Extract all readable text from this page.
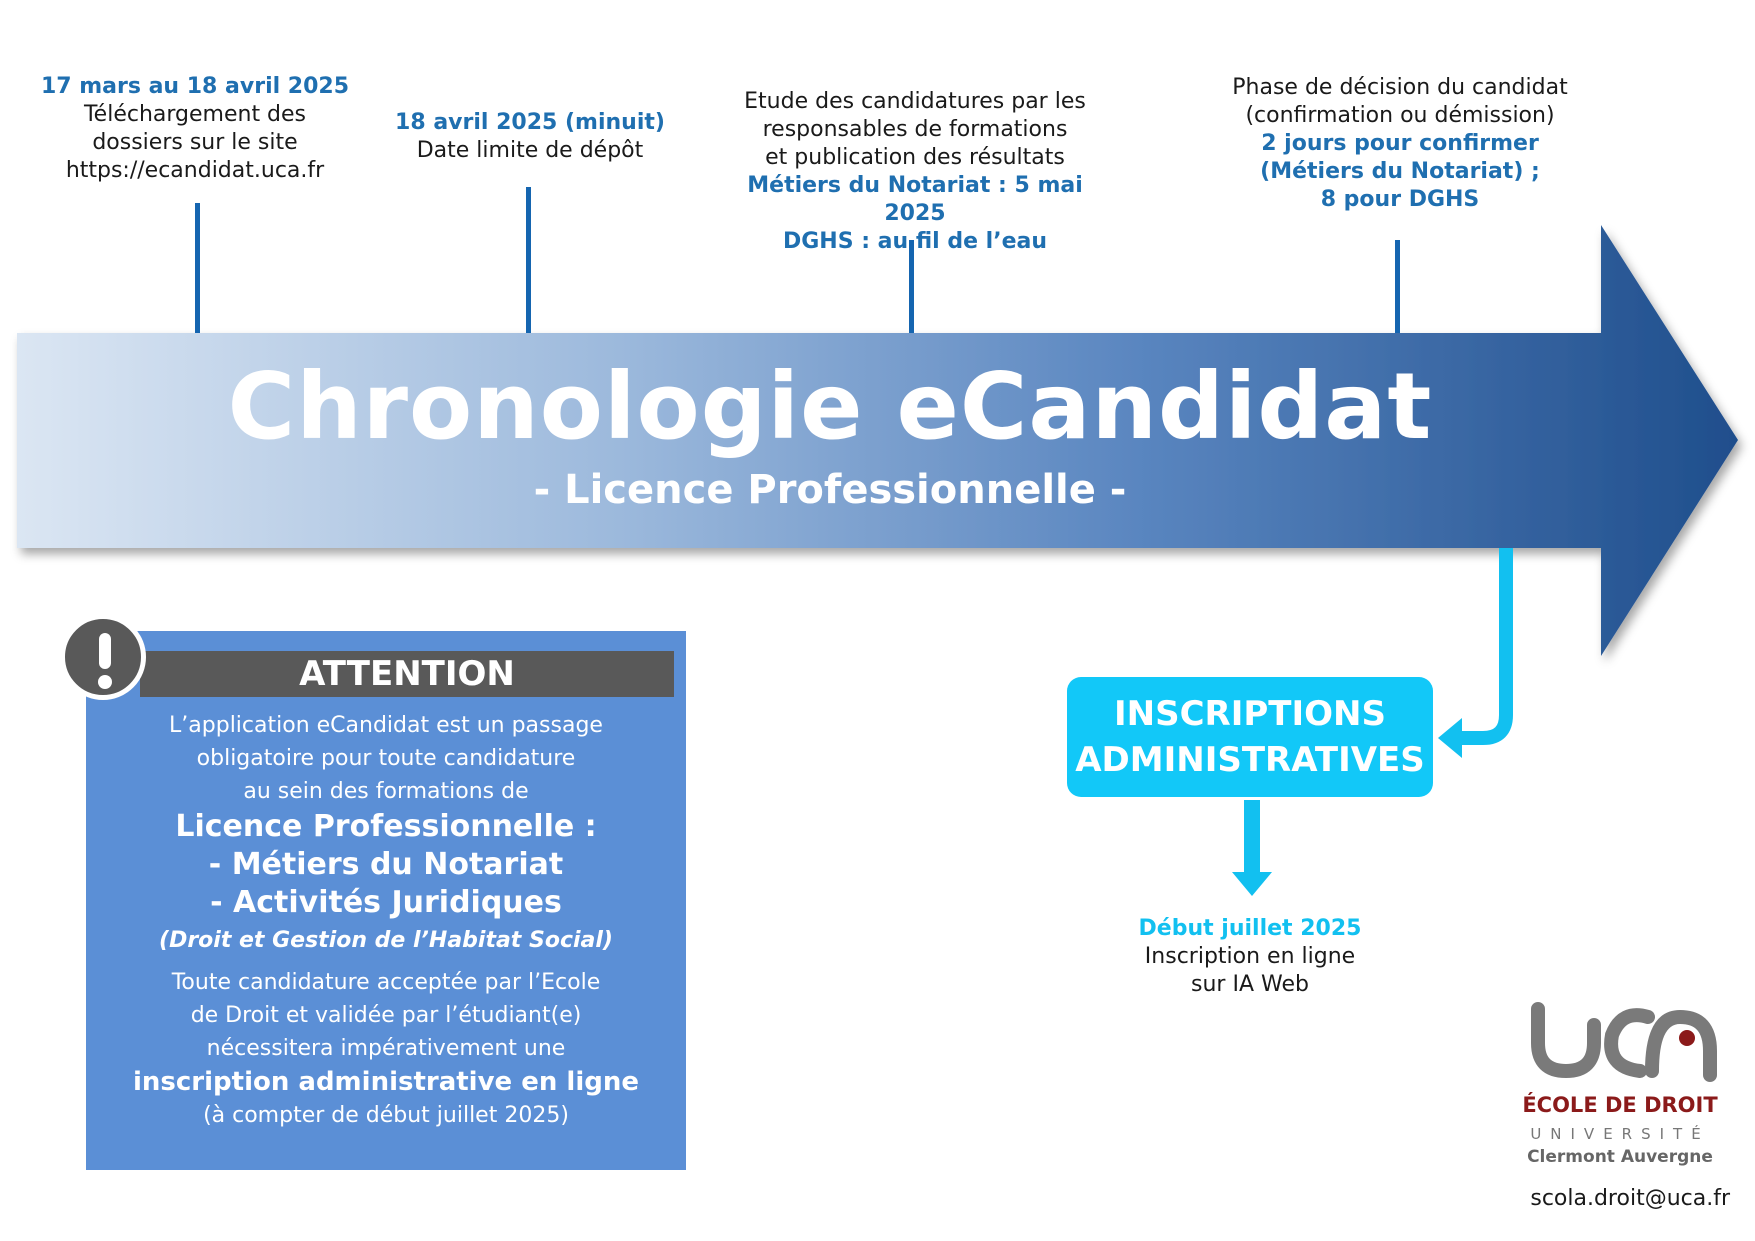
17 mars au 18 avril 2025
Téléchargement des
dossiers sur le site
https://ecandidat.uca.fr
18 avril 2025 (minuit)
Date limite de dépôt
Etude des candidatures par les
responsables de formations
et publication des résultats
Métiers du Notariat : 5 mai 2025
DGHS : au fil de l’eau
Phase de décision du candidat
(confirmation ou démission)
2 jours pour confirmer
(Métiers du Notariat) ;
8 pour DGHS
Chronologie eCandidat
- Licence Professionnelle -
ATTENTION
L’application eCandidat est un passage
obligatoire pour toute candidature
au sein des formations de
Licence Professionnelle :
- Métiers du Notariat
- Activités Juridiques
(Droit et Gestion de l’Habitat Social)
Toute candidature acceptée par l’Ecole
de Droit et validée par l’étudiant(e)
nécessitera impérativement une
inscription administrative en ligne
(à compter de début juillet 2025)
INSCRIPTIONS
ADMINISTRATIVES
Début juillet 2025
Inscription en ligne
sur IA Web
ÉCOLE DE DROIT
UNIVERSITÉ
Clermont Auvergne
scola.droit@uca.fr
